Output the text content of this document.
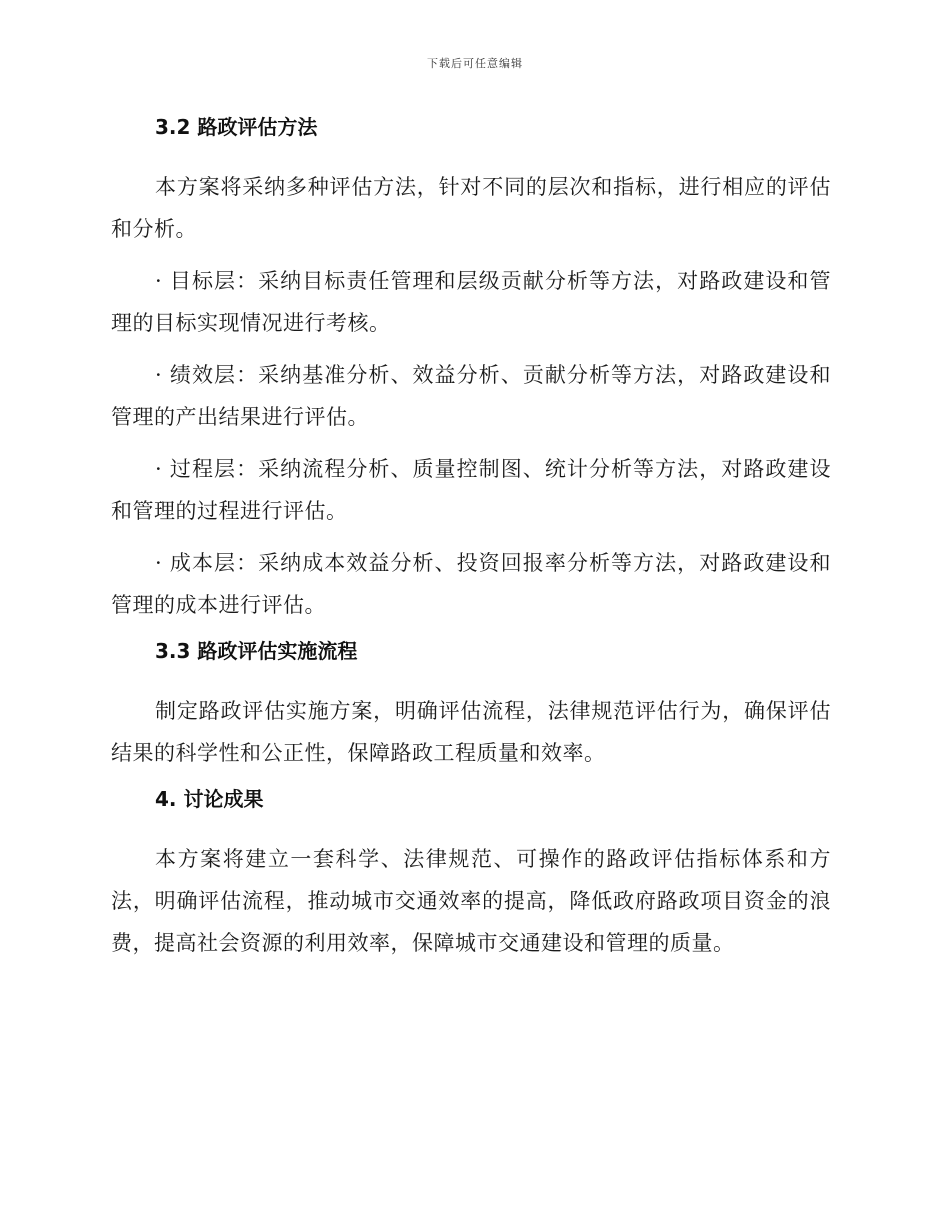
下载后可任意编辑
3.2 路政评估方法

本方案将采纳多种评估方法，针对不同的层次和指标，进行相应的评估和分析。

· 目标层：采纳目标责任管理和层级贡献分析等方法，对路政建设和管理的目标实现情况进行考核。

· 绩效层：采纳基准分析、效益分析、贡献分析等方法，对路政建设和管理的产出结果进行评估。

· 过程层：采纳流程分析、质量控制图、统计分析等方法，对路政建设和管理的过程进行评估。

· 成本层：采纳成本效益分析、投资回报率分析等方法，对路政建设和管理的成本进行评估。

3.3 路政评估实施流程

制定路政评估实施方案，明确评估流程，法律规范评估行为，确保评估结果的科学性和公正性，保障路政工程质量和效率。

4. 讨论成果

本方案将建立一套科学、法律规范、可操作的路政评估指标体系和方法，明确评估流程，推动城市交通效率的提高，降低政府路政项目资金的浪费，提高社会资源的利用效率，保障城市交通建设和管理的质量。
